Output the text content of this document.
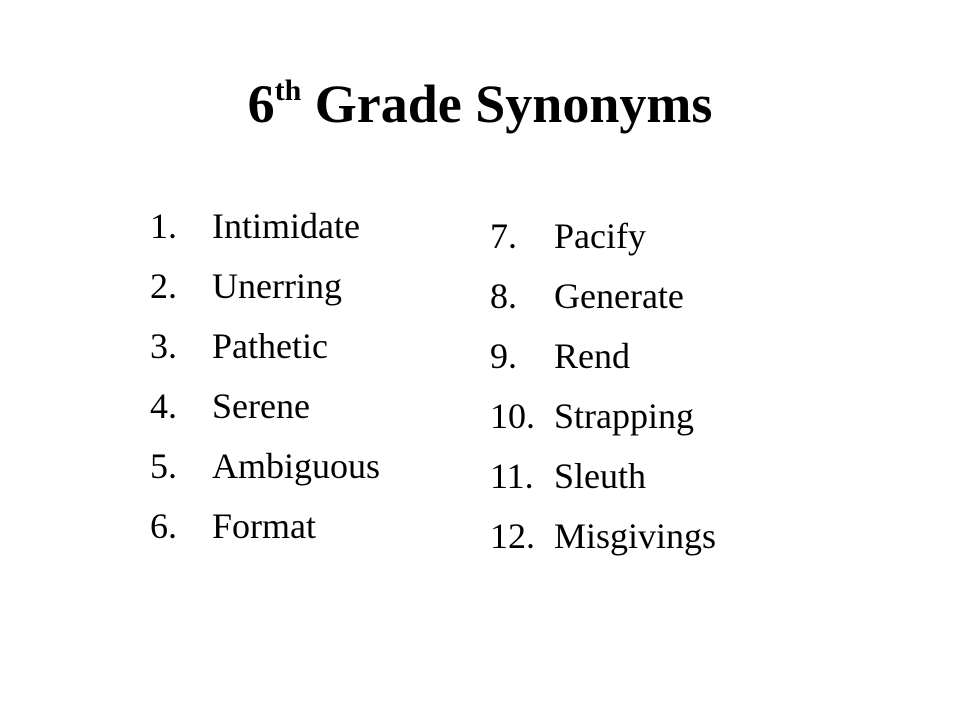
6th Grade Synonyms
1. Intimidate
2. Unerring
3. Pathetic
4. Serene
5. Ambiguous
6. Format
7. Pacify
8. Generate
9. Rend
10. Strapping
11. Sleuth
12. Misgivings
